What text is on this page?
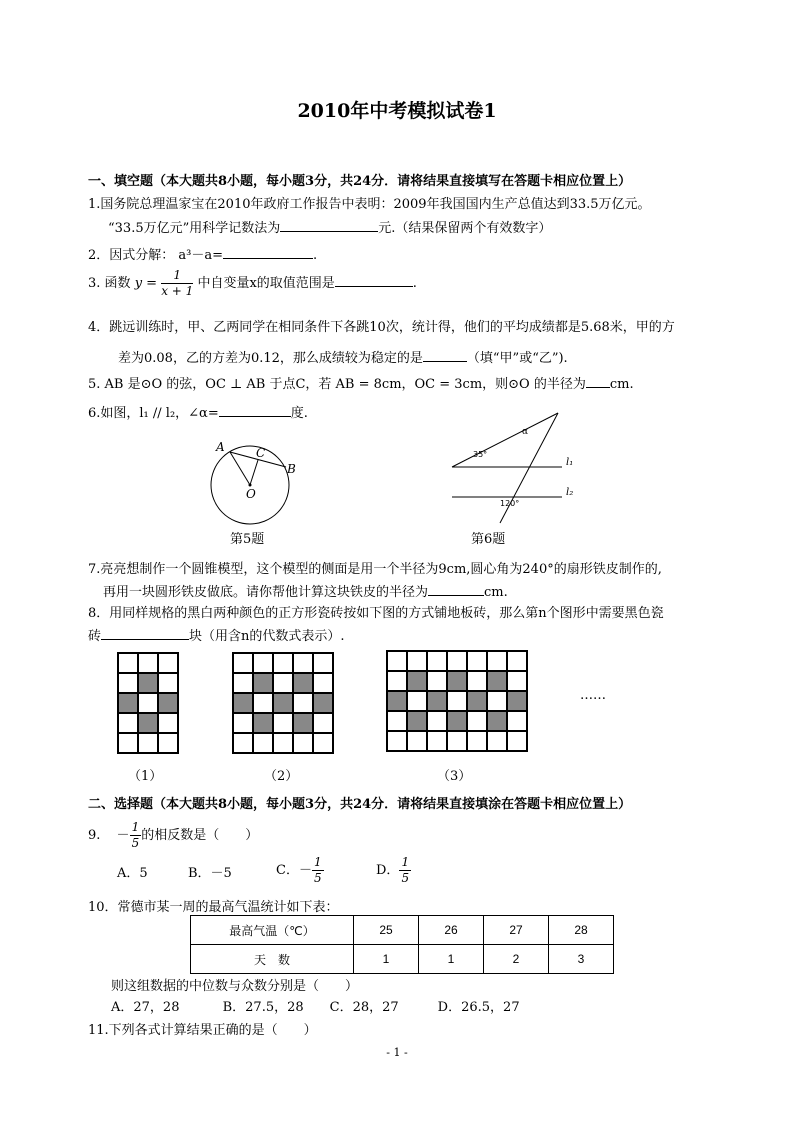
2010年中考模拟试卷1
一、填空题（本大题共8小题，每小题3分，共24分．请将结果直接填写在答题卡相应位置上）
1.国务院总理温家宝在2010年政府工作报告中表明：2009年我国国内生产总值达到33.5万亿元。
“33.5万亿元”用科学记数法为	元.（结果保留两个有效数字）
2．因式分解： a³－a=	.
3. 函数 $y = \frac{1}{x + 1}$ 中自变量x的取值范围是	.
4．跳远训练时，甲、乙两同学在相同条件下各跳10次，统计得，他们的平均成绩都是5.68米，甲的方
差为0.08，乙的方差为0.12，那么成绩较为稳定的是	（填“甲”或“乙”).
5. AB 是⊙O 的弦，OC ⊥ AB 于点C，若 AB = 8cm，OC = 3cm，则⊙O 的半径为 cm.
6.如图，l₁ // l₂，∠α=	度.
A	C
B
O
第5题
35°
α
120°
l₁
l₂
第6题
7.亮亮想制作一个圆锥模型，这个模型的侧面是用一个半径为9cm,圆心角为240°的扇形铁皮制作的,
再用一块圆形铁皮做底。请你帮他计算这块铁皮的半径为	cm.
8．用同样规格的黑白两种颜色的正方形瓷砖按如下图的方式铺地板砖，那么第n个图形中需要黑色瓷
砖	块（用含n的代数式表示）.
……
（1）	（2）	（3）
二、选择题（本大题共8小题，每小题3分，共24分．请将结果直接填涂在答题卡相应位置上）
9. － $\frac{1}{5}$ 的相反数是（　　）
A．5	B．－5	C．－ $\frac{1}{5}$	D． $\frac{1}{5}$
10．常德市某一周的最高气温统计如下表：
最高气温（℃）	25	26	27	28
天　数	1	1	2	3
则这组数据的中位数与众数分别是（　　）
A．27，28　　　 B．27.5，28　　C．28，27　　　D．26.5，27
11.下列各式计算结果正确的是（　　）
- 1 -
